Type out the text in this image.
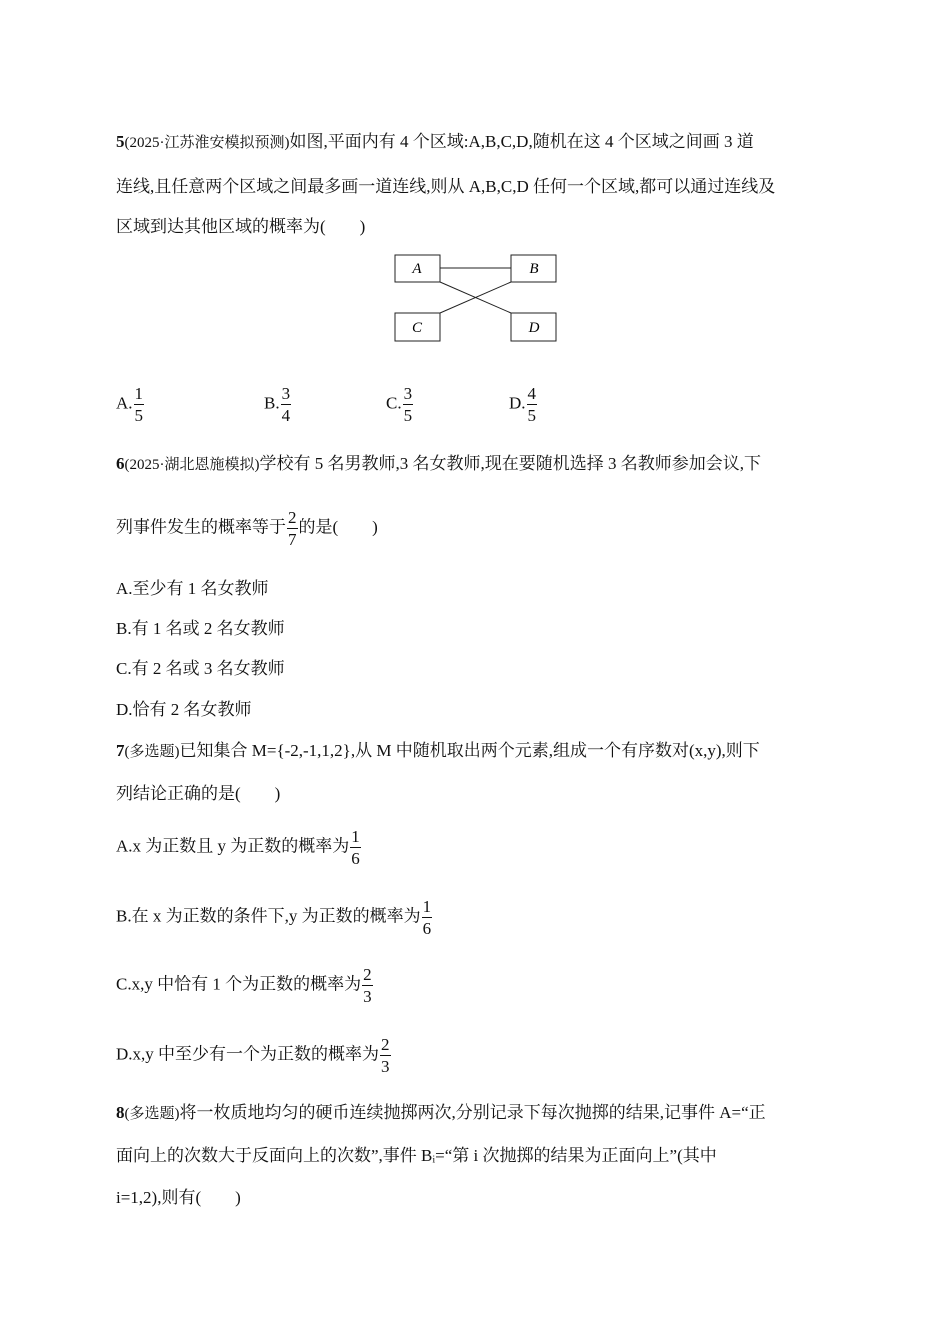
5(2025·江苏淮安模拟预测)如图,平面内有 4 个区域:A,B,C,D,随机在这 4 个区域之间画 3 道
连线,且任意两个区域之间最多画一道连线,则从 A,B,C,D 任何一个区域,都可以通过连线及
区域到达其他区域的概率为(　　)
A	B
C	D
A. $\frac{1}{5}$	B. $\frac{3}{4}$	C. $\frac{3}{5}$	D. $\frac{4}{5}$
6(2025·湖北恩施模拟)学校有 5 名男教师,3 名女教师,现在要随机选择 3 名教师参加会议,下
列事件发生的概率等于 $\frac{2}{7}$ 的是(　　)
A.至少有 1 名女教师
B.有 1 名或 2 名女教师
C.有 2 名或 3 名女教师
D.恰有 2 名女教师
7(多选题)已知集合 M={-2,-1,1,2},从 M 中随机取出两个元素,组成一个有序数对(x,y),则下
列结论正确的是(　　)
A.x 为正数且 y 为正数的概率为 $\frac{1}{6}$
B.在 x 为正数的条件下,y 为正数的概率为 $\frac{1}{6}$
C.x,y 中恰有 1 个为正数的概率为 $\frac{2}{3}$
D.x,y 中至少有一个为正数的概率为 $\frac{2}{3}$
8(多选题)将一枚质地均匀的硬币连续抛掷两次,分别记录下每次抛掷的结果,记事件 A=“正
面向上的次数大于反面向上的次数”,事件 Bᵢ=“第 i 次抛掷的结果为正面向上”(其中
i=1,2),则有(　　)
